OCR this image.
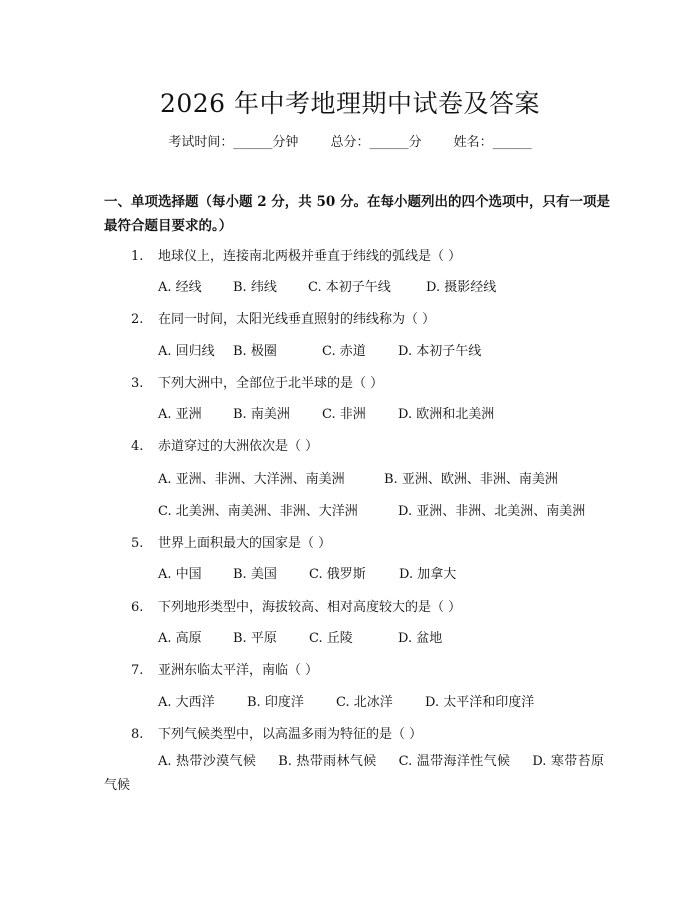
2026 年中考地理期中试卷及答案
考试时间：______分钟 总分：______分 姓名：______
一、单项选择题（每小题 2 分，共 50 分。在每小题列出的四个选项中，只有一项是最符合题目要求的。）
1. 地球仪上，连接南北两极并垂直于纬线的弧线是（ ）
A. 经线 B. 纬线 C. 本初子午线	D. 摄影经线
2. 在同一时间，太阳光线垂直照射的纬线称为（ ）
A. 回归线 B. 极圈	C. 赤道 D. 本初子午线
3. 下列大洲中，全部位于北半球的是（ ）
A. 亚洲 B. 南美洲 C. 非洲 D. 欧洲和北美洲
4. 赤道穿过的大洲依次是（ ）
A. 亚洲、非洲、大洋洲、南美洲	B. 亚洲、欧洲、非洲、南美洲
C. 北美洲、南美洲、非洲、大洋洲	D. 亚洲、非洲、北美洲、南美洲
5. 世界上面积最大的国家是（ ）
A. 中国 B. 美国 C. 俄罗斯	D. 加拿大
6. 下列地形类型中，海拔较高、相对高度较大的是（ ）
A. 高原 B. 平原 C. 丘陵	D. 盆地
7. 亚洲东临太平洋，南临（ ）
A. 大西洋 B. 印度洋 C. 北冰洋 D. 太平洋和印度洋
8. 下列气候类型中，以高温多雨为特征的是（ ）
A. 热带沙漠气候 B. 热带雨林气候 C. 温带海洋性气候 D. 寒带苔原气候
